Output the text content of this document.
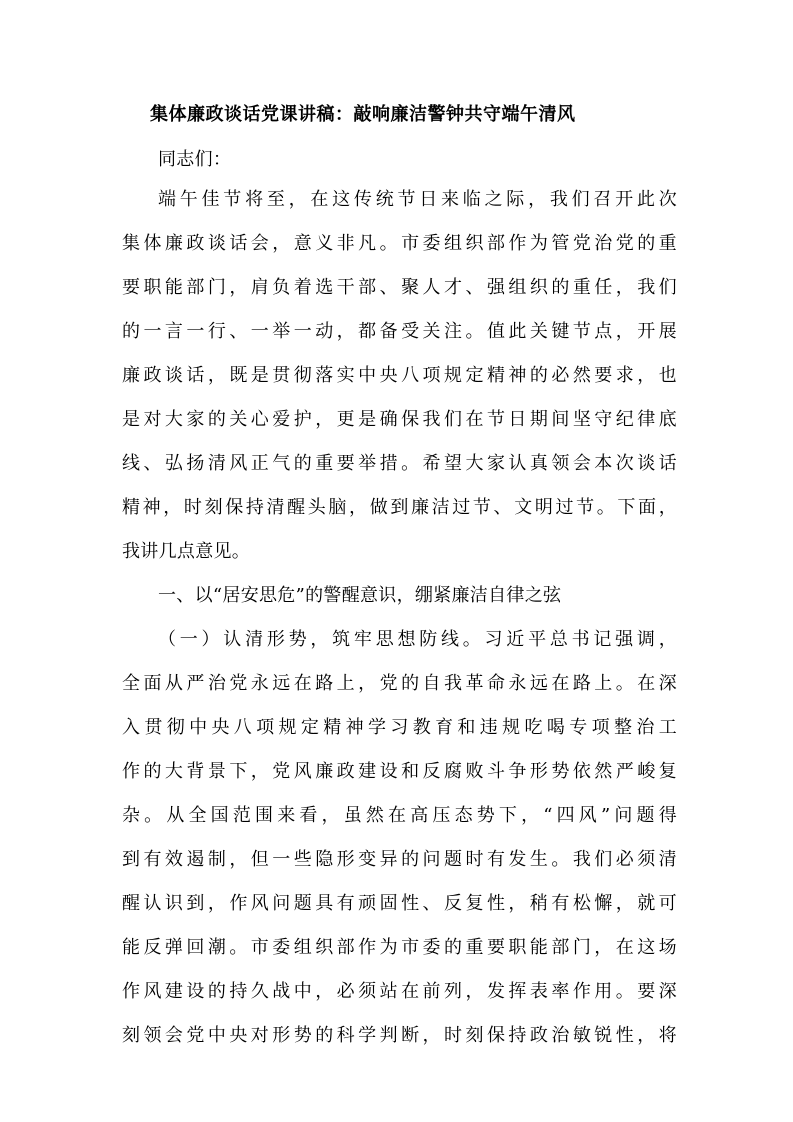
集体廉政谈话党课讲稿：敲响廉洁警钟共守端午清风
同志们：
端午佳节将至，在这传统节日来临之际，我们召开此次
集体廉政谈话会，意义非凡。市委组织部作为管党治党的重
要职能部门，肩负着选干部、聚人才、强组织的重任，我们
的一言一行、一举一动，都备受关注。值此关键节点，开展
廉政谈话，既是贯彻落实中央八项规定精神的必然要求，也
是对大家的关心爱护，更是确保我们在节日期间坚守纪律底
线、弘扬清风正气的重要举措。希望大家认真领会本次谈话
精神，时刻保持清醒头脑，做到廉洁过节、文明过节。下面，
我讲几点意见。
一、以“居安思危”的警醒意识，绷紧廉洁自律之弦
（一）认清形势，筑牢思想防线。习近平总书记强调，
全面从严治党永远在路上，党的自我革命永远在路上。在深
入贯彻中央八项规定精神学习教育和违规吃喝专项整治工
作的大背景下，党风廉政建设和反腐败斗争形势依然严峻复
杂。从全国范围来看，虽然在高压态势下，“四风”问题得
到有效遏制，但一些隐形变异的问题时有发生。我们必须清
醒认识到，作风问题具有顽固性、反复性，稍有松懈，就可
能反弹回潮。市委组织部作为市委的重要职能部门，在这场
作风建设的持久战中，必须站在前列，发挥表率作用。要深
刻领会党中央对形势的科学判断，时刻保持政治敏锐性，将
